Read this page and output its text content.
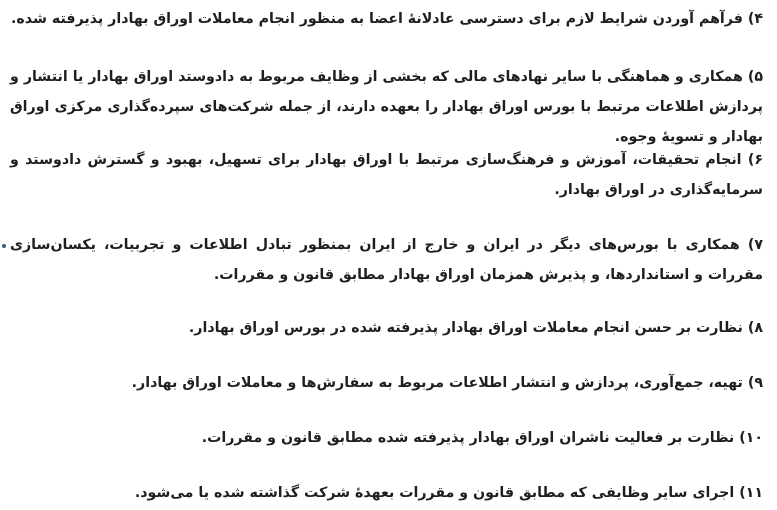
۴) فرآهم آوردن شرایط لازم برای دسترسی عادلانهٔ اعضا به منظور انجام معاملات اوراق بهادار پذیرفته شده.

۵) همکاری و هماهنگی با سایر نهادهای مالی که بخشی از وظایف مربوط به دادوستد اوراق بهادار یا انتشار و پردازش اطلاعات مرتبط با بورس اوراق بهادار را بعهده دارند، از جمله شرکت‌های سپرده‌گذاری مرکزی اوراق بهادار و تسویهٔ وجوه.

۶) انجام تحقیقات، آموزش و فرهنگ‌سازی مرتبط با اوراق بهادار برای تسهیل، بهبود و گسترش دادوستد و سرمایه‌گذاری در اوراق بهادار.

۷) همکاری با بورس‌های دیگر در ایران و خارج از ایران بمنظور تبادل اطلاعات و تجربیات، یکسان‌سازی مقررات و استانداردها، و پذیرش همزمان اوراق بهادار مطابق قانون و مقررات.

۸) نظارت بر حسن انجام معاملات اوراق بهادار پذیرفته شده در بورس اوراق بهادار.

۹) تهیه، جمع‌آوری، پردازش و انتشار اطلاعات مربوط به سفارش‌ها و معاملات اوراق بهادار.

۱۰) نظارت بر فعالیت ناشران اوراق بهادار پذیرفته شده مطابق قانون و مقررات.

۱۱) اجرای سایر وظایفی که مطابق قانون و مقررات بعهدهٔ شرکت گذاشته شده یا می‌شود.
